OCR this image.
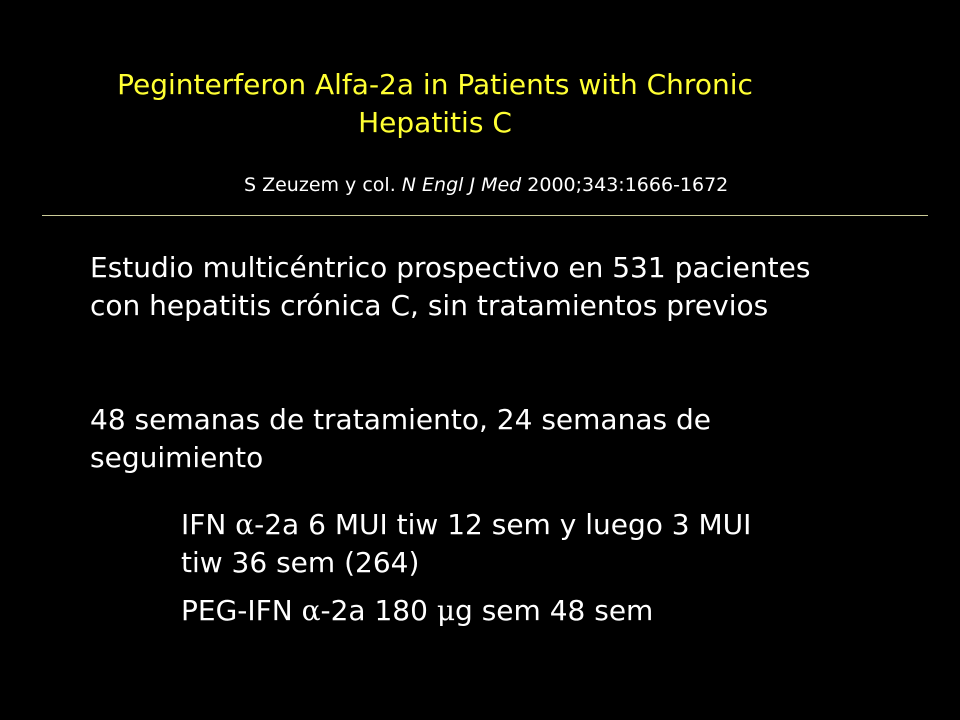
Peginterferon Alfa-2a in Patients with Chronic
Hepatitis C
S Zeuzem y col. N Engl J Med 2000;343:1666-1672
Estudio multicéntrico prospectivo en 531 pacientes
con hepatitis crónica C, sin tratamientos previos
48 semanas de tratamiento, 24 semanas de
seguimiento
IFN α-2a 6 MUI tiw 12 sem y luego 3 MUI
tiw 36 sem (264)
PEG-IFN α-2a 180 μg sem 48 sem
